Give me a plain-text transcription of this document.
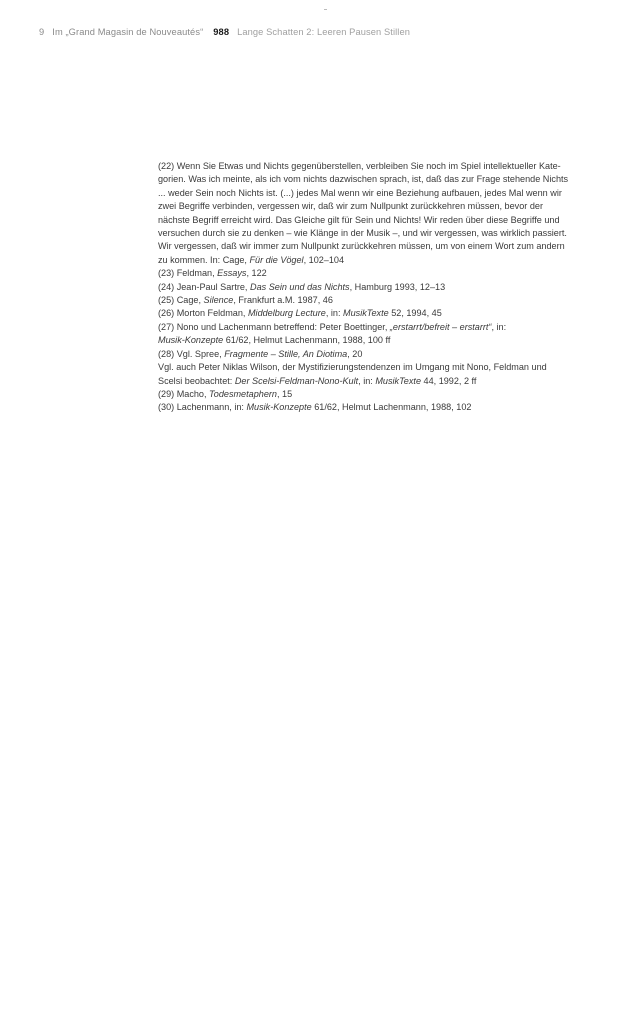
9 Im „Grand Magasin de Nouveautés“ 988 Lange Schatten 2: Leeren Pausen Stillen

(22) Wenn Sie Etwas und Nichts gegenüberstellen, verbleiben Sie noch im Spiel intellektueller Kate-

gorien. Was ich meinte, als ich vom nichts dazwischen sprach, ist, daß das zur Frage stehende Nichts

... weder Sein noch Nichts ist. (...) jedes Mal wenn wir eine Beziehung aufbauen, jedes Mal wenn wir

zwei Begriffe verbinden, vergessen wir, daß wir zum Nullpunkt zurückkehren müssen, bevor der

nächste Begriff erreicht wird. Das Gleiche gilt für Sein und Nichts! Wir reden über diese Begriffe und

versuchen durch sie zu denken – wie Klänge in der Musik –, und wir vergessen, was wirklich passiert.

Wir vergessen, daß wir immer zum Nullpunkt zurückkehren müssen, um von einem Wort zum andern

zu kommen. In: Cage, Für die Vögel, 102–104

(23) Feldman, Essays, 122

(24) Jean-Paul Sartre, Das Sein und das Nichts, Hamburg 1993, 12–13

(25) Cage, Silence, Frankfurt a.M. 1987, 46

(26) Morton Feldman, Middelburg Lecture, in: MusikTexte 52, 1994, 45

(27) Nono und Lachenmann betreffend: Peter Boettinger, „erstarrt/befreit – erstarrt“, in:

Musik-Konzepte 61/62, Helmut Lachenmann, 1988, 100 ff

(28) Vgl. Spree, Fragmente – Stille, An Diotima, 20

Vgl. auch Peter Niklas Wilson, der Mystifizierungstendenzen im Umgang mit Nono, Feldman und

Scelsi beobachtet: Der Scelsi-Feldman-Nono-Kult, in: MusikTexte 44, 1992, 2 ff

(29) Macho, Todesmetaphern, 15

(30) Lachenmann, in: Musik-Konzepte 61/62, Helmut Lachenmann, 1988, 102
